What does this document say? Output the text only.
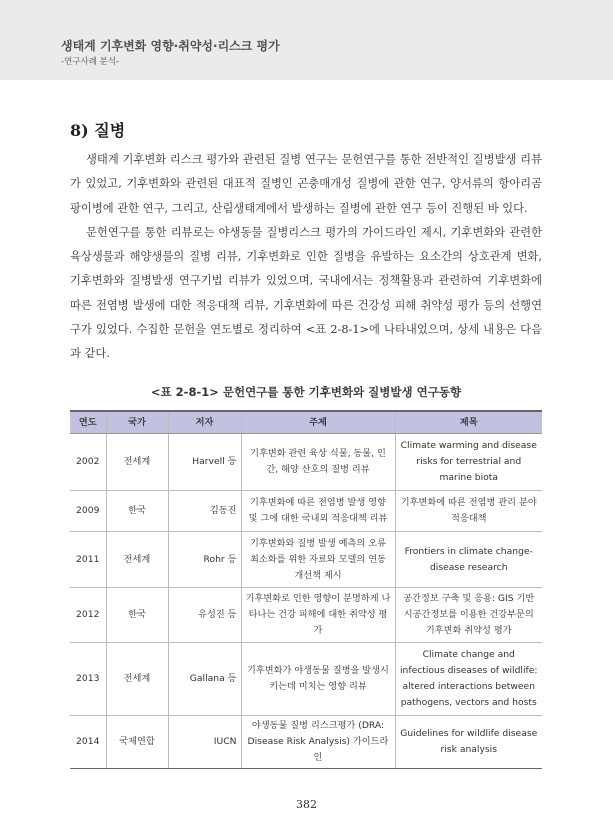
생태계 기후변화 영향·취약성·리스크 평가
-연구사례 분석-
8) 질병

생태계 기후변화 리스크 평가와 관련된 질병 연구는 문헌연구를 통한 전반적인 질병발생 리뷰가 있었고, 기후변화와 관련된 대표적 질병인 곤충매개성 질병에 관한 연구, 양서류의 항아리곰팡이병에 관한 연구, 그리고, 산림생태계에서 발생하는 질병에 관한 연구 등이 진행된 바 있다.

문헌연구를 통한 리뷰로는 야생동물 질병리스크 평가의 가이드라인 제시, 기후변화와 관련한 육상생물과 해양생물의 질병 리뷰, 기후변화로 인한 질병을 유발하는 요소간의 상호관계 변화, 기후변화와 질병발생 연구기법 리뷰가 있었으며, 국내에서는 정책활용과 관련하여 기후변화에 따른 전염병 발생에 대한 적응대책 리뷰, 기후변화에 따른 건강성 피해 취약성 평가 등의 선행연구가 있었다. 수집한 문헌을 연도별로 정리하여 <표 2-8-1>에 나타내었으며, 상세 내용은 다음과 같다.

<표 2-8-1> 문헌연구를 통한 기후변화와 질병발생 연구동향
연도	국가	저자	주제	제목
2002	전세계	Harvell 등	기후변화 관련 육상 식물, 동물, 인간, 해양 산호의 질병 리뷰	Climate warming and disease risks for terrestrial and marine biota
2009	한국	김동진	기후변화에 따른 전염병 발생 영향 및 그에 대한 국내외 적응대책 리뷰	기후변화에 따른 전염병 관리 분야 적응대책
2011	전세계	Rohr 등	기후변화와 질병 발생 예측의 오류 최소화를 위한 자료와 모델의 연동 개선책 제시	Frontiers in climate change-disease research
2012	한국	유성진 등	기후변화로 인한 영향이 분명하게 나타나는 건강 피해에 대한 취약성 평가	공간정보 구축 및 응용: GIS 기반 시공간정보를 이용한 건강부문의 기후변화 취약성 평가
2013	전세계	Gallana 등	기후변화가 야생동물 질병을 발생시키는데 미치는 영향 리뷰	Climate change and infectious diseases of wildlife: altered interactions between pathogens, vectors and hosts
2014	국제연합	IUCN	야생동물 질병 리스크평가 (DRA: Disease Risk Analysis) 가이드라인	Guidelines for wildlife disease risk analysis
382
